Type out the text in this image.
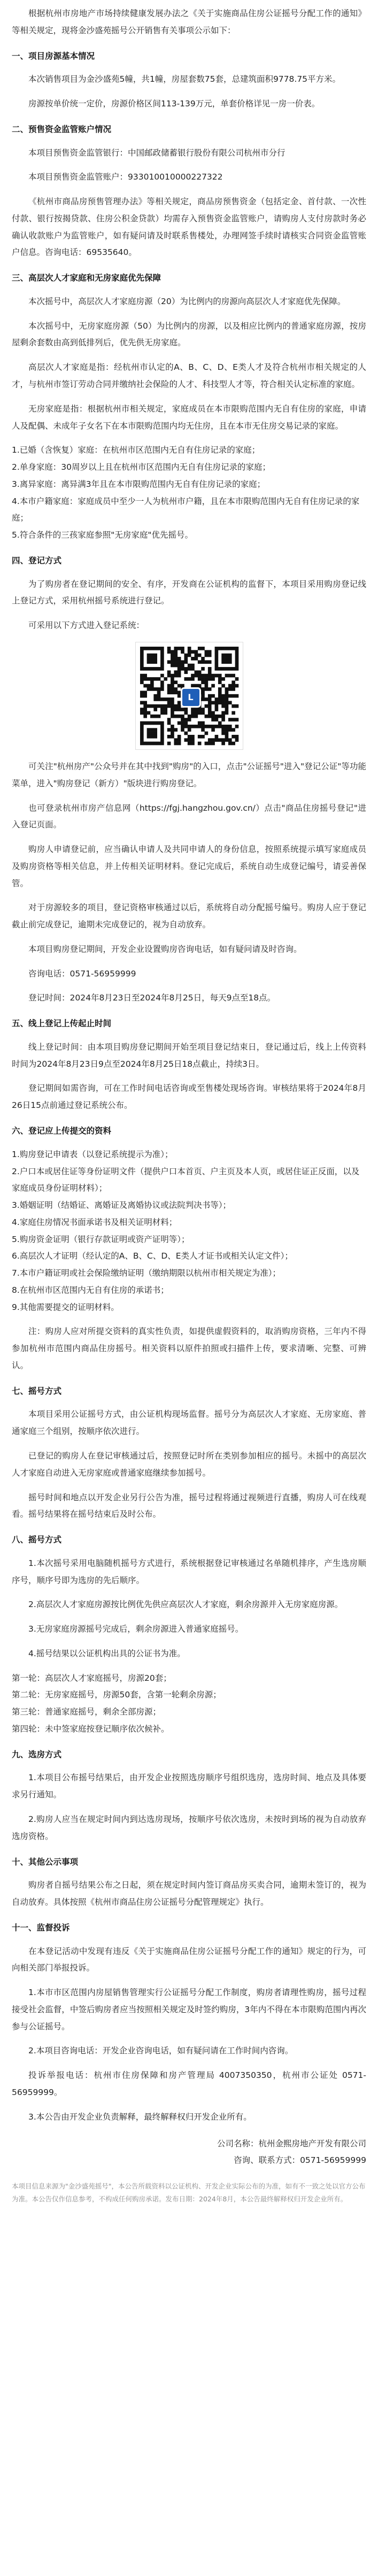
根据杭州市房地产市场持续健康发展办法之《关于实施商品住房公证摇号分配工作的通知》等相关规定，现将金沙盛苑摇号公开销售有关事项公示如下：

一、项目房源基本情况

本次销售项目为金沙盛苑5幢，共1幢，房屋套数75套，总建筑面积9778.75平方米。

房源按单价统一定价，房源价格区间113-139万元，单套价格详见一房一价表。

二、预售资金监管账户情况

本项目预售资金监管银行：中国邮政储蓄银行股份有限公司杭州市分行

本项目预售资金监管账户：933010010000227322

《杭州市商品房预售管理办法》等相关规定，商品房预售资金（包括定金、首付款、一次性付款、银行按揭贷款、住房公积金贷款）均需存入预售资金监管账户，请购房人支付房款时务必确认收款账户为监管账户，如有疑问请及时联系售楼处，办理网签手续时请核实合同资金监管账户信息。咨询电话：69535640。

三、高层次人才家庭和无房家庭优先保障

本次摇号中，高层次人才家庭房源（20）为比例内的房源向高层次人才家庭优先保障。

本次摇号中，无房家庭房源（50）为比例内的房源，以及相应比例内的普通家庭房源，按房屋剩余套数由高到低排列后，优先供无房家庭。

高层次人才家庭是指：经杭州市认定的A、B、C、D、E类人才及符合杭州市相关规定的人才，与杭州市签订劳动合同并缴纳社会保险的人才、科技型人才等，符合相关认定标准的家庭。

无房家庭是指：根据杭州市相关规定，家庭成员在本市限购范围内无自有住房的家庭，申请人及配偶、未成年子女名下在本市限购范围内均无住房，且在本市无住房交易记录的家庭。

1.已婚（含恢复）家庭：在杭州市区范围内无自有住房记录的家庭；
2.单身家庭：30周岁以上且在杭州市区范围内无自有住房记录的家庭；
3.离异家庭：离异满3年且在本市限购范围内无自有住房记录的家庭；
4.本市户籍家庭：家庭成员中至少一人为杭州市户籍，且在本市限购范围内无自有住房记录的家庭；
5.符合条件的三孩家庭参照"无房家庭"优先摇号。
四、登记方式

为了购房者在登记期间的安全、有序，开发商在公证机构的监督下，本项目采用购房登记线上登记方式，采用杭州摇号系统进行登记。

可采用以下方式进入登记系统：

L

可关注"杭州房产"公众号并在其中找到"购房"的入口，点击"公证摇号"进入"登记公证"等功能菜单，进入"购房登记（新方）"版块进行购房登记。

也可登录杭州市房产信息网（https://fgj.hangzhou.gov.cn/）点击"商品住房摇号登记"进入登记页面。

购房人申请登记前，应当确认申请人及共同申请人的身份信息，按照系统提示填写家庭成员及购房资格等相关信息，并上传相关证明材料。登记完成后，系统自动生成登记编号，请妥善保管。

对于房源较多的项目，登记资格审核通过以后，系统将自动分配摇号编号。购房人应于登记截止前完成登记，逾期未完成登记的，视为自动放弃。

本项目购房登记期间，开发企业设置购房咨询电话，如有疑问请及时咨询。

咨询电话：0571-56959999

登记时间：2024年8月23日至2024年8月25日，每天9点至18点。

五、线上登记上传起止时间

线上登记时间：由本项目购房登记期间开始至项目登记结束日，登记通过后，线上上传资料时间为2024年8月23日9点至2024年8月25日18点截止，持续3日。

登记期间如需咨询，可在工作时间电话咨询或至售楼处现场咨询。审核结果将于2024年8月26日15点前通过登记系统公布。

六、登记应上传提交的资料
1.购房登记申请表（以登记系统提示为准）；
2.户口本或居住证等身份证明文件（提供户口本首页、户主页及本人页，或居住证正反面，以及家庭成员身份证明材料）；
3.婚姻证明（结婚证、离婚证及离婚协议或法院判决书等）；
4.家庭住房情况书面承诺书及相关证明材料；
5.购房资金证明（银行存款证明或资产证明等）；
6.高层次人才证明（经认定的A、B、C、D、E类人才证书或相关认定文件）；
7.本市户籍证明或社会保险缴纳证明（缴纳期限以杭州市相关规定为准）；
8.在杭州市区范围内无自有住房的承诺书；
9.其他需要提交的证明材料。

注：购房人应对所提交资料的真实性负责，如提供虚假资料的，取消购房资格，三年内不得参加杭州市范围内商品住房摇号。相关资料以原件拍照或扫描件上传，要求清晰、完整、可辨认。

七、摇号方式

本项目采用公证摇号方式，由公证机构现场监督。摇号分为高层次人才家庭、无房家庭、普通家庭三个组别，按顺序依次进行。

已登记的购房人在登记审核通过后，按照登记时所在类别参加相应的摇号。未摇中的高层次人才家庭自动进入无房家庭或普通家庭继续参加摇号。

摇号时间和地点以开发企业另行公告为准，摇号过程将通过视频进行直播，购房人可在线观看。摇号结果将在摇号结束后及时公布。

八、摇号方式

1.本次摇号采用电脑随机摇号方式进行，系统根据登记审核通过名单随机排序，产生选房顺序号，顺序号即为选房的先后顺序。

2.高层次人才家庭房源按比例优先供应高层次人才家庭，剩余房源并入无房家庭房源。

3.无房家庭房源摇号完成后，剩余房源进入普通家庭摇号。

4.摇号结果以公证机构出具的公证书为准。

第一轮：高层次人才家庭摇号，房源20套；
第二轮：无房家庭摇号，房源50套，含第一轮剩余房源；
第三轮：普通家庭摇号，剩余全部房源；
第四轮：未中签家庭按登记顺序依次候补。
九、选房方式

1.本项目公布摇号结果后，由开发企业按照选房顺序号组织选房，选房时间、地点及具体要求另行通知。

2.购房人应当在规定时间内到达选房现场，按顺序号依次选房，未按时到场的视为自动放弃选房资格。

十、其他公示事项

购房者自摇号结果公布之日起，须在规定时间内签订商品房买卖合同，逾期未签订的，视为自动放弃。具体按照《杭州市商品住房公证摇号分配管理规定》执行。

十一、监督投诉

在本登记活动中发现有违反《关于实施商品住房公证摇号分配工作的通知》规定的行为，可向相关部门举报投诉。

1.本市市区范围内房屋销售管理实行公证摇号分配工作制度，购房者请理性购房，摇号过程接受社会监督，中签后购房者应当按照相关规定及时签约购房，3年内不得在本市限购范围内再次参与公证摇号。

2.本项目咨询电话：开发企业咨询电话，如有疑问请在工作时间内咨询。

投诉举报电话：杭州市住房保障和房产管理局 4007350350，杭州市公证处 0571-56959999。

3.本公告由开发企业负责解释，最终解释权归开发企业所有。

公司名称：杭州金熙房地产开发有限公司
咨询、联系方式：0571-56959999
本项目信息来源为"金沙盛苑摇号"，本公告所载资料以公证机构、开发企业实际公布的为准，如有不一致之处以官方公布为准。本公告仅作信息参考，不构成任何购房承诺。发布日期：2024年8月，本公告最终解释权归开发企业所有。
